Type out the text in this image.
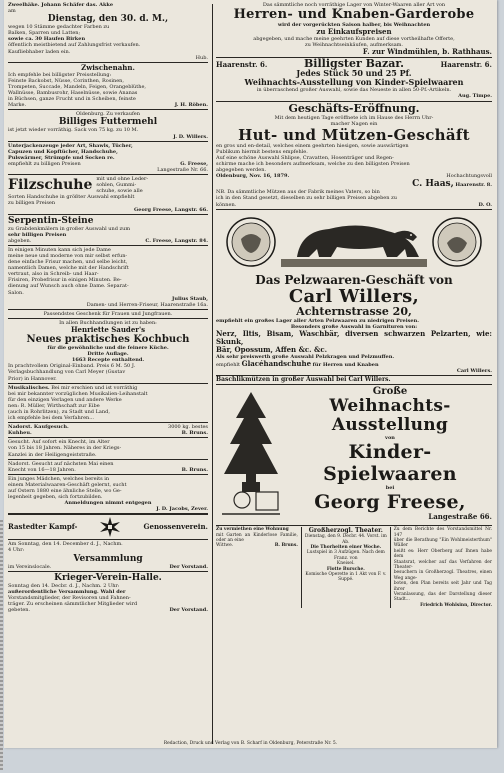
Zweelhäke. Johann Schäfer das. Akke

am

Dienstag, den 30. d. M.,

wegen 10 Stämme gedachter Farben zu

Balken, Sparren und Latten;

sowie ca. 30 Haufen Birken

öffentlich meistbietend auf Zahlungsfrist verkaufen.

Kaufliebhaber laden ein.

Hub.

Zwischenahn.

Ich empfehle bei billigster Preisstellung:

Feinste Backobst, Nüsse, Corinthen, Rosinen,

Trompeten, Succade, Mandeln, Feigen, Orangeblüthe,

Wallnüsse, Bambusrohr, Haselnüsse, sowie Ananas

in Büchsen, ganze Frucht und in Scheiben, feinste

Marke.	J. H. Röben.

Oldenburg. Zu verkaufen

Billiges Futtermehl

ist jetzt wieder vorräthig. Sack von 75 kg. zu 10 M.

J. D. Willers.

Unterjackenzeuge jeder Art, Shawls, Tücher,

Capuzen und Kopftücher, Handschuhe,

Pulswärmer, Strümpfe und Socken re.

empfiehlt zu billigen Preisen	G. Freese,

Langestraße Nr. 66.

Filzschuhe mit und ohne Leder-

sohlen, Gummi-

schuhe, sowie alle

Sorten Handschuhe in größter Auswahl empfiehlt

zu billigen Preisen

Georg Freese, Langstr. 66.

Serpentin-Steine

zu Grabdenkmälern in großer Auswahl und zum

sehr billigen Preisen

abgeben.	C. Freese, Langstr. 84.

In einigen Minuten kann sich jede Dame

meine neue und moderne von mir selbst erfun-

dene einfache Frisur machen, und selbe leicht,

namentlich Damen, welche mit der Handschrift

vertraut, also in Schreib- und Haar-

Frisiren, Probefrisur in einigen Minuten. Be-

dienung auf Wunsch auch ohne Dame. Separat-

Salon.

Julius Staub,

Damen- und Herren-Friseur, Haarenstraße 16a.

Passendstes Geschenk für Frauen und Jungfrauen.

In allen Buchhandlungen ist zu haben:

Henriette Sauder's

Neues praktisches Kochbuch

für die gewöhnliche und die feinere Küche.

Dritte Auflage.

1663 Recepte enthaltend.

In prachtvollem Original-Einband. Preis 6 M. 50 J.

Verlagsbuchhandlung von Carl Meyer (Gustav

Prior) in Hannover.

Musikalisches. Bei mir erschien und ist vorräthig

bei mir bekannter vorzüglichen Musikalien-Leihanstalt

für den einzigen Verlagen und andere Werke

nen: R. Müller, Wirthschaft zur Eibe

(auch in Rohrlitzen), zu Stadt und Land,

ich empfehle bei dem Verfahren...

Nadorst. Kaufgesuch.	3000 kg. bestes

Kuhheu.	B. Bruns.

Gesucht. Auf sofort ein Knecht, im Alter

von 15 bis 18 Jahren. Näheres in der Kriegs-

Kanzlei in der Heiligengeiststraße.

Nadorst. Gesucht auf nächsten Mai einen

Knecht von 16—18 Jahren.	B. Bruns.

Ein junges Mädchen, welches bereits in

einem Materialwaaren-Geschäft gelernt, sucht

auf Ostern 1880 eine ähnliche Stelle, wo Ge-

legenheit gegeben, sich fortzubilden.

Anmeldungen nimmt entgegen

J. D. Jacobs, Zever.

Rastedter Kampf-	Genossenverein.

Am Sonntag, den 14. December d. J., Nachm.

4 Uhr:

Versammlung

im Vereinslocale.	Der Vorstand.

Krieger-Verein-Halle.

Sonntag den 14. Decbr. d. J., Nachm. 2 Uhr:

außerordentliche Versammlung. Wahl der

Vorstandsmitglieder, der Revisoren und Fahnen-

träger. Zu erscheinen sämmtlicher Mitglieder wird

gebeten.	Der Vorstand.

Das sämmtliche noch vorräthige Lager von Winter-Waaren aller Art von

Herren- und Knaben-Garderobe

wird der vorgerückten Saison halber, bis Weihnachten

zu Einkaufspreisen

abgegeben, und mache meine geehrten Kunden auf diese vortheilhafte Offerte,

zu Weihnachtseinkäufen, aufmerksam.

F. zur Windmühlen, b. Rathhaus.

Haarenstr. 6.	Billigster Bazar.	Haarenstr. 6.

Jedes Stück 50 und 25 Pf.

Weihnachts-Ausstellung von Kinder-Spielwaaren

in überraschend großer Auswahl, sowie das Neueste in allen 50-Pf.-Artikeln.

Aug. Timpe.

Geschäfts-Eröffnung.

Mit dem heutigen Tage eröffnete ich im Hause des Herrn Uhr-

macher Nagen ein

Hut- und Mützen-Geschäft

en gros und en-detail, welches einem geehrten hiesigen, sowie auswärtigen

Publikum hiermit bestens empfehle.

Auf eine schöne Auswahl Shlipse, Cravatten, Hosenträger und Regen-

schirme mache ich besonders aufmerksam, welche zu den billigsten Preisen

abgegeben werden.

Oldenburg, Nov. 16, 1879.	Hochachtungsvoll
C. Haas, Haarenstr. 8.

NB. Da sämmtliche Mützen aus der Fabrik meines Vaters, so bin

ich in den Stand gesetzt, dieselben zu sehr billigen Preisen abgeben zu

können.	D. O.

Das Pelzwaaren-Geschäft von

Carl Willers,

Achternstrasse 20,

empfiehlt ein großes Lager aller Arten Pelzwaaren zu niedrigen Preisen.

Besonders große Auswahl in Garnituren von:

Nerz, Iltis, Bisam, Waschbär, diversen schwarzen Pelzarten, wie: Skunk,

Bär, Opossum, Affen &c. &c.

Als sehr preiswerth große Auswahl Pelzkragen und Pelzmuffen.

empfiehlt Glacéhandschuhe für Herren und Knaben

Carl Willers.

Baschlikmützen in großer Auswahl bei Carl Willers.

Große

Weihnachts-Ausstellung

von

Kinder-Spielwaaren

bei

Georg Freese,

Langestraße 66.

Zu vermiethen eine Wohnung

mit Garten an Kinderlose Familie, oder an eine

Wittwe.	B. Bruns.

Großherzogl. Theater.

Dienstag, den 9. Decbr. 44. Vorst. im Ab.

Die Thorheiten einer Woche.

Lustspiel in 3 Aufzügen. Nach dem Franz. von

Kneisel.

Flotte Bursche.

Komische Operette in 1 Akt von F. v. Suppé.

Zu dem Berichte des Vorstandsmittel Nr. 147

über die Berathung "Ein Wohlmeisterthum" Wäller

heißt es: Herr Oberberg auf Ihnen habe dem

Staatsrat, welcher auf das Verfahren der Theater-

besuchern in Großherzogl. Theatres, einen Weg ange-

boten, den Plan bereits seit Jahr und Tag ihrer

Veranlassung, das der Darstellung dieser Stadt...

Friedrich Wohlsinn, Director.

Redaction, Druck und Verlag von B. Scharf in Oldenburg, Peterstraße Nr. 5.
